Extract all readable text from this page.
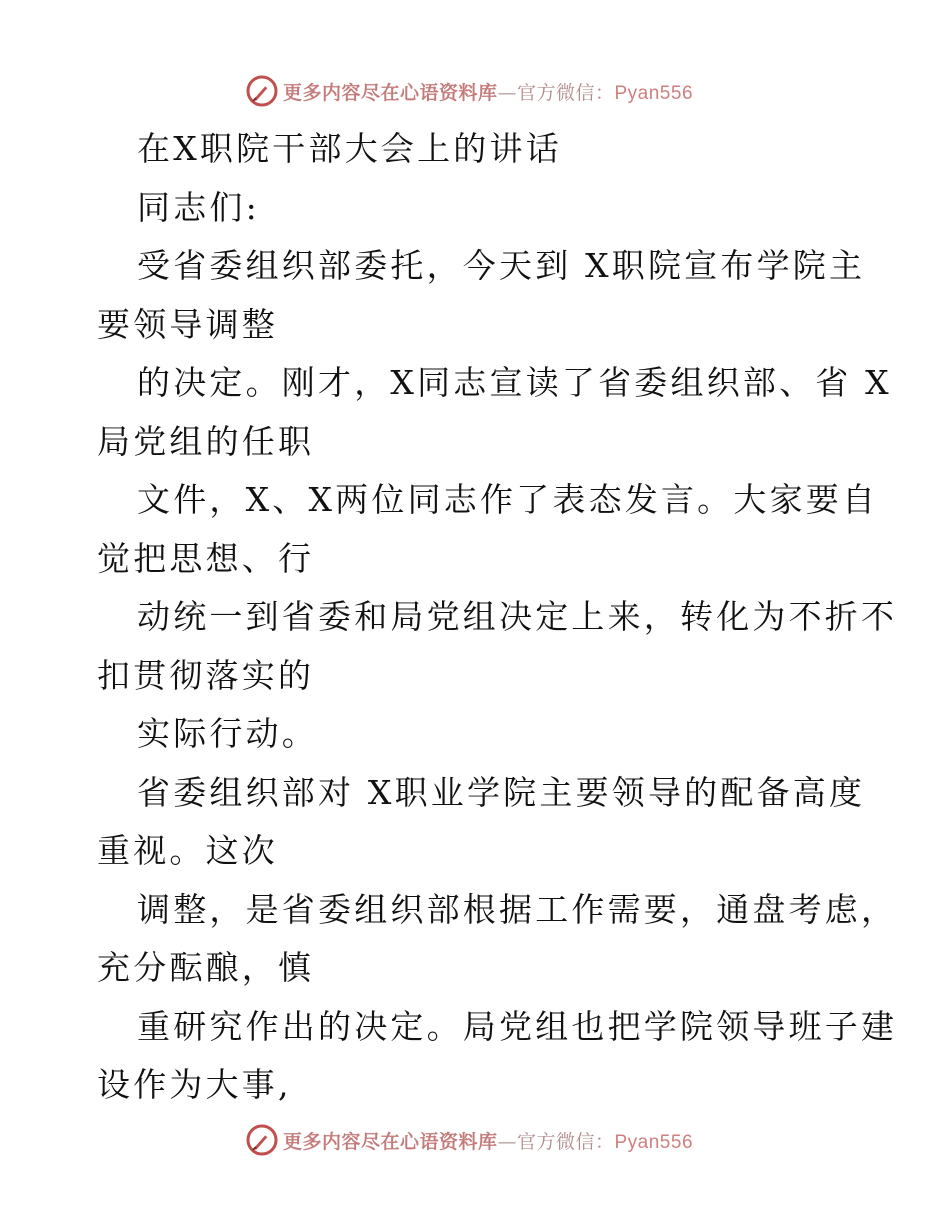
更多内容尽在心语资料库—官方微信：Pyan556
在X职院干部大会上的讲话
同志们:
受省委组织部委托，今天到 X职院宣布学院主
要领导调整
的决定。刚才，X同志宣读了省委组织部、省 X
局党组的任职
文件，X、X两位同志作了表态发言。大家要自
觉把思想、行
动统一到省委和局党组决定上来，转化为不折不
扣贯彻落实的
实际行动。
省委组织部对 X职业学院主要领导的配备高度
重视。这次
调整，是省委组织部根据工作需要，通盘考虑，
充分酝酿，慎
重研究作出的决定。局党组也把学院领导班子建
设作为大事,
更多内容尽在心语资料库—官方微信：Pyan556
